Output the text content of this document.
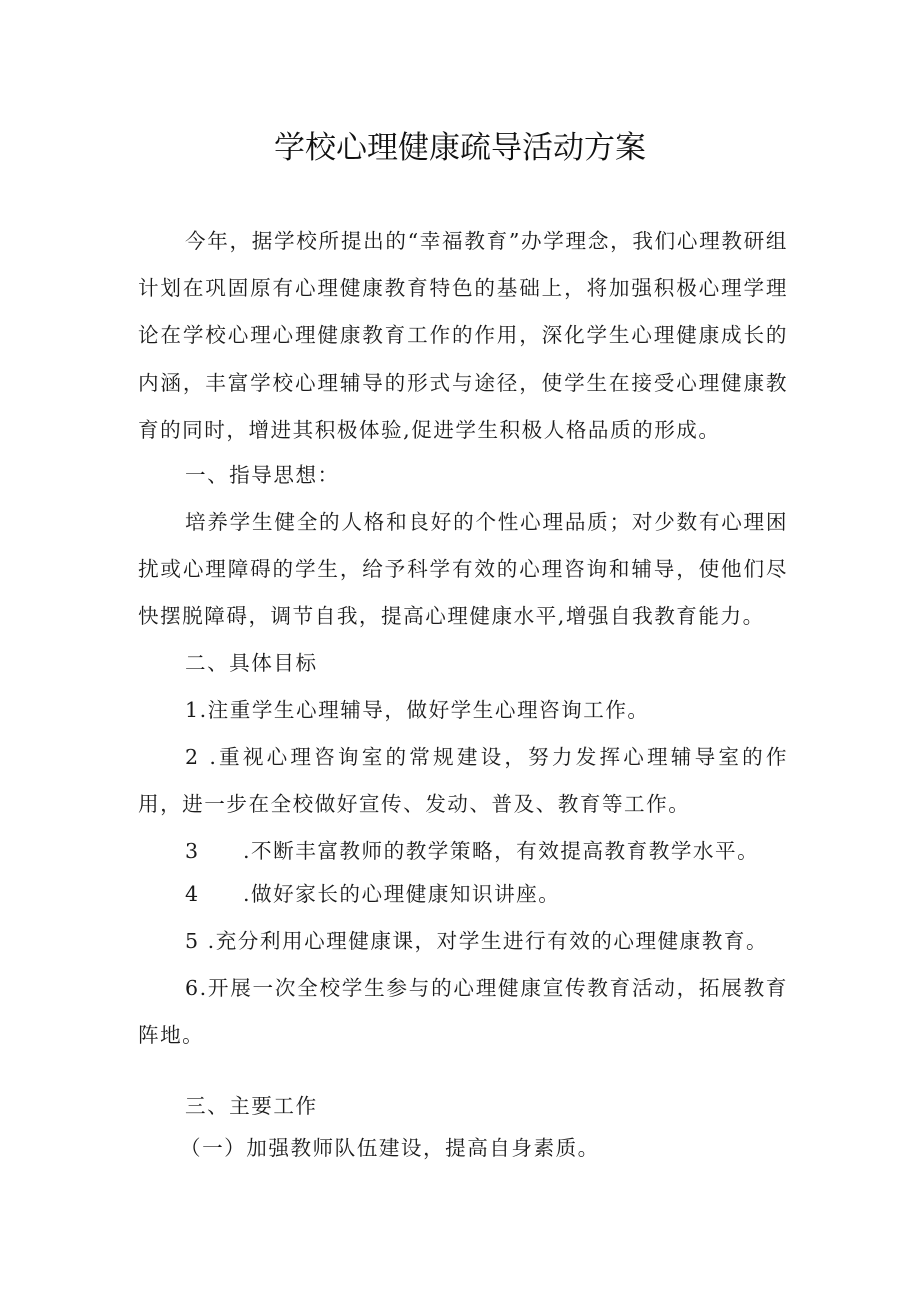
学校心理健康疏导活动方案

今年，据学校所提出的“幸福教育”办学理念，我们心理教研组计划在巩固原有心理健康教育特色的基础上，将加强积极心理学理论在学校心理心理健康教育工作的作用，深化学生心理健康成长的内涵，丰富学校心理辅导的形式与途径，使学生在接受心理健康教育的同时，增进其积极体验,促进学生积极人格品质的形成。

一、指导思想：

培养学生健全的人格和良好的个性心理品质；对少数有心理困扰或心理障碍的学生，给予科学有效的心理咨询和辅导，使他们尽快摆脱障碍，调节自我，提高心理健康水平,增强自我教育能力。

二、具体目标

1.注重学生心理辅导，做好学生心理咨询工作。

2 .重视心理咨询室的常规建设，努力发挥心理辅导室的作用，进一步在全校做好宣传、发动、普及、教育等工作。

3 .不断丰富教师的教学策略，有效提高教育教学水平。

4 .做好家长的心理健康知识讲座。

5 .充分利用心理健康课，对学生进行有效的心理健康教育。

6.开展一次全校学生参与的心理健康宣传教育活动，拓展教育阵地。

三、主要工作

（一）加强教师队伍建设，提高自身素质。
